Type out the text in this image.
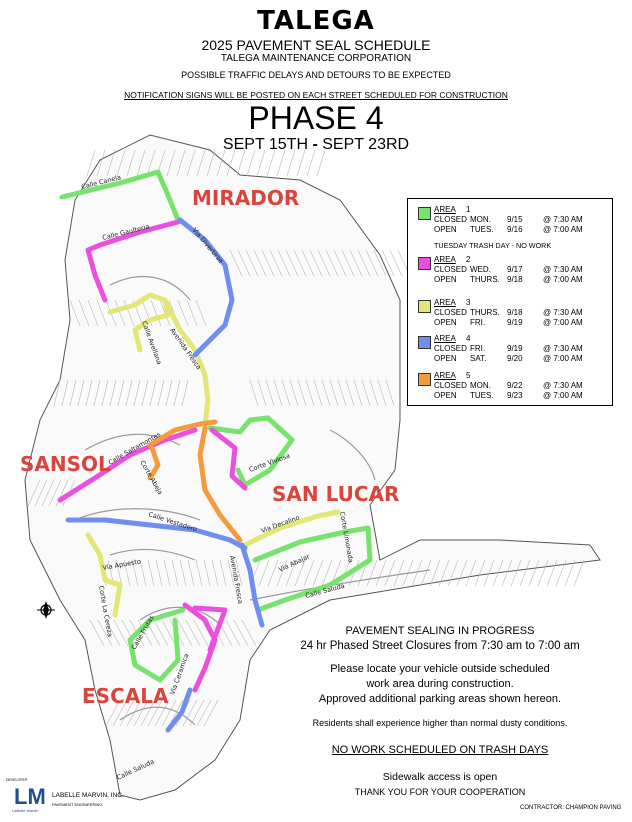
Calle Canela
Calle Gaulteria	Via Divertirse
Calle Avellana Avenida Fresca
Calle Saltamontes
Corte Abeja	Corte Viviosa
Calle Vestadero	Via Decalino	Corte Limonada
Via Abajar
Via Apuesto
Corte La Cereza
Avenida Fresca	Calle Saluda
Calle Frutas
Via Ceramica
Calle Saluda
TALEGA
2025 PAVEMENT SEAL SCHEDULE
TALEGA MAINTENANCE CORPORATION
POSSIBLE TRAFFIC DELAYS AND DETOURS TO BE EXPECTED
NOTIFICATION SIGNS WILL BE POSTED ON EACH STREET SCHEDULED FOR CONSTRUCTION
PHASE 4
SEPT 15TH - SEPT 23RD
MIRADOR
SANSOL
SAN LUCAR
ESCALA
AREA 1
CLOSED MON. 9/15	@ 7:30 AM
OPEN TUES. 9/16	@ 7:00 AM
AREA 2
CLOSED WED. 9/17	@ 7:30 AM
OPEN THURS. 9/18	@ 7:00 AM
AREA 3
CLOSED THURS. 9/18	@ 7:30 AM
OPEN FRI.	9/19	@ 7:00 AM
AREA 4
CLOSED FRI.	9/19	@ 7:30 AM
OPEN SAT.	9/20	@ 7:00 AM
AREA 5
CLOSED MON. 9/22	@ 7:30 AM
OPEN TUES. 9/23	@ 7:00 AM
TUESDAY TRASH DAY - NO WORK
PAVEMENT SEALING IN PROGRESS
24 hr Phased Street Closures from 7:30 am to 7:00 am
Please locate your vehicle outside scheduled
work area during construction.
Approved additional parking areas shown hereon.
Residents shall experience higher than normal dusty conditions.
NO WORK SCHEDULED ON TRASH DAYS
Sidewalk access is open
THANK YOU FOR YOUR COOPERATION
CONTRACTOR: CHAMPION PAVING
DEVELOPER
LM
LaBelle Marvin
LABELLE MARVIN, INC.
PAVEMENT ENGINEERING
